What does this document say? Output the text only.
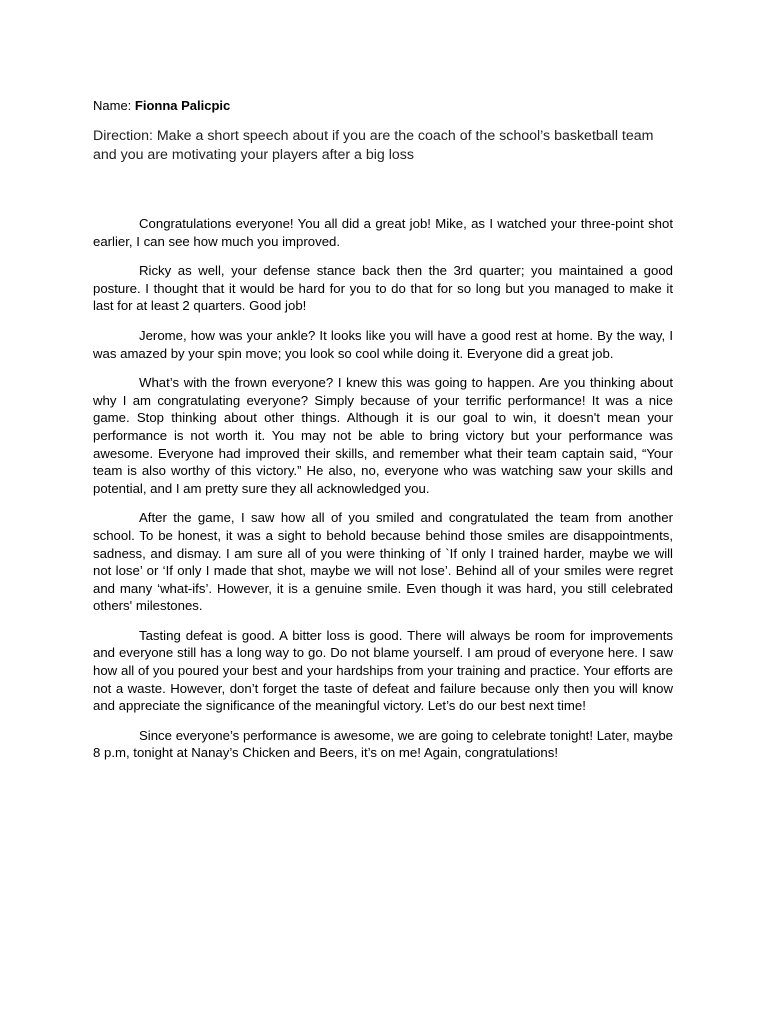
Name: Fionna Palicpic

Direction: Make a short speech about if you are the coach of the school’s basketball team and you are motivating your players after a big loss

Congratulations everyone! You all did a great job! Mike, as I watched your three-point shot earlier, I can see how much you improved.

Ricky as well, your defense stance back then the 3rd quarter; you maintained a good posture. I thought that it would be hard for you to do that for so long but you managed to make it last for at least 2 quarters. Good job!

Jerome, how was your ankle? It looks like you will have a good rest at home. By the way, I was amazed by your spin move; you look so cool while doing it. Everyone did a great job.

What’s with the frown everyone? I knew this was going to happen. Are you thinking about why I am congratulating everyone? Simply because of your terrific performance! It was a nice game. Stop thinking about other things. Although it is our goal to win, it doesn't mean your performance is not worth it. You may not be able to bring victory but your performance was awesome. Everyone had improved their skills, and remember what their team captain said, “Your team is also worthy of this victory.” He also, no, everyone who was watching saw your skills and potential, and I am pretty sure they all acknowledged you.

After the game, I saw how all of you smiled and congratulated the team from another school. To be honest, it was a sight to behold because behind those smiles are disappointments, sadness, and dismay. I am sure all of you were thinking of `If only I trained harder, maybe we will not lose’ or ‘If only I made that shot, maybe we will not lose’. Behind all of your smiles were regret and many ‘what-ifs’. However, it is a genuine smile. Even though it was hard, you still celebrated others' milestones.

Tasting defeat is good. A bitter loss is good. There will always be room for improvements and everyone still has a long way to go. Do not blame yourself. I am proud of everyone here. I saw how all of you poured your best and your hardships from your training and practice. Your efforts are not a waste. However, don’t forget the taste of defeat and failure because only then you will know and appreciate the significance of the meaningful victory. Let’s do our best next time!

Since everyone’s performance is awesome, we are going to celebrate tonight! Later, maybe 8 p.m, tonight at Nanay’s Chicken and Beers, it’s on me! Again, congratulations!
